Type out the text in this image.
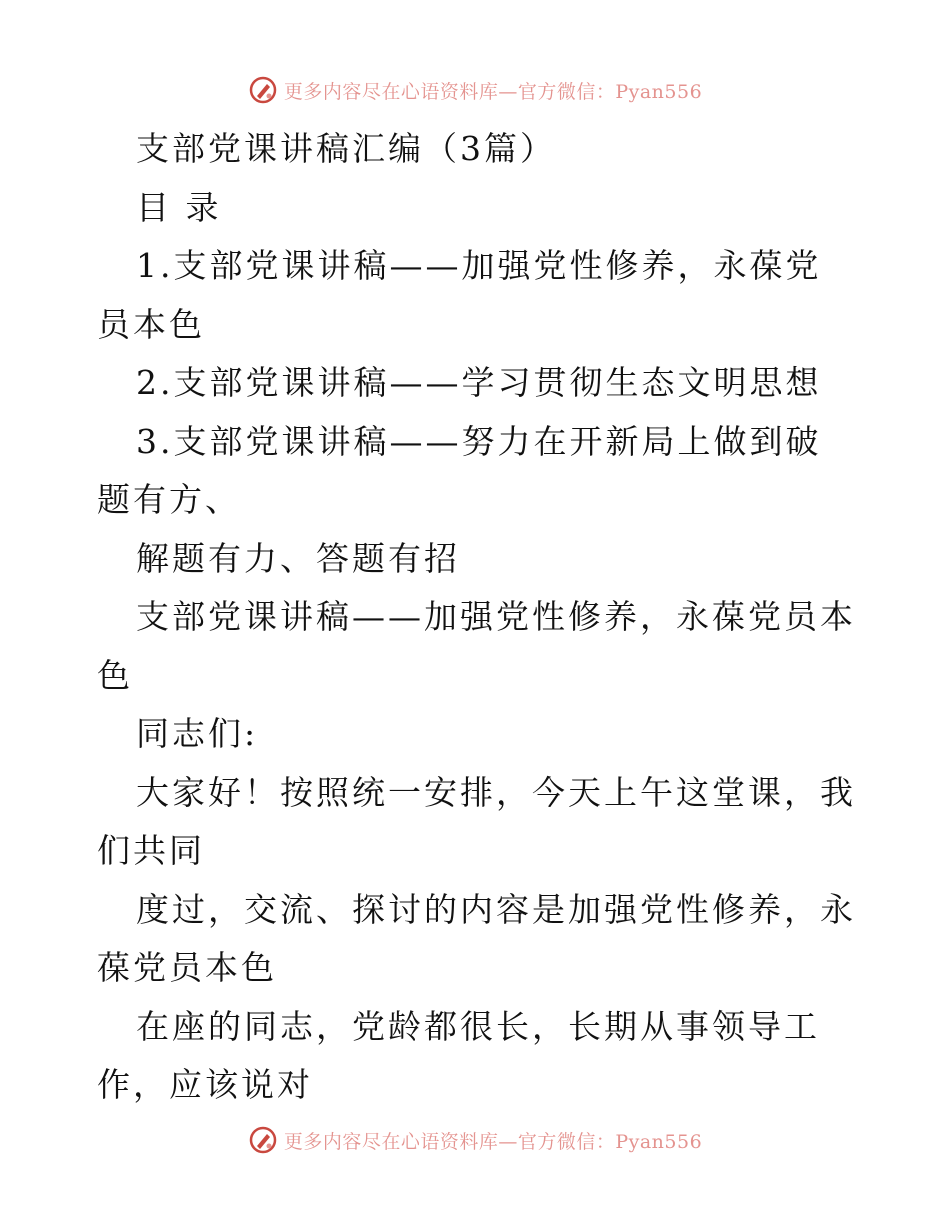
更多内容尽在心语资料库—官方微信：Pyan556

支部党课讲稿汇编（3篇）

目 录

1.支部党课讲稿——加强党性修养，永葆党员本色

2.支部党课讲稿——学习贯彻生态文明思想

3.支部党课讲稿——努力在开新局上做到破题有方、

解题有力、答题有招

支部党课讲稿——加强党性修养，永葆党员本色

同志们:

大家好！按照统一安排，今天上午这堂课，我们共同

度过，交流、探讨的内容是加强党性修养，永葆党员本色

在座的同志，党龄都很长，长期从事领导工作，应该说对

更多内容尽在心语资料库—官方微信：Pyan556
